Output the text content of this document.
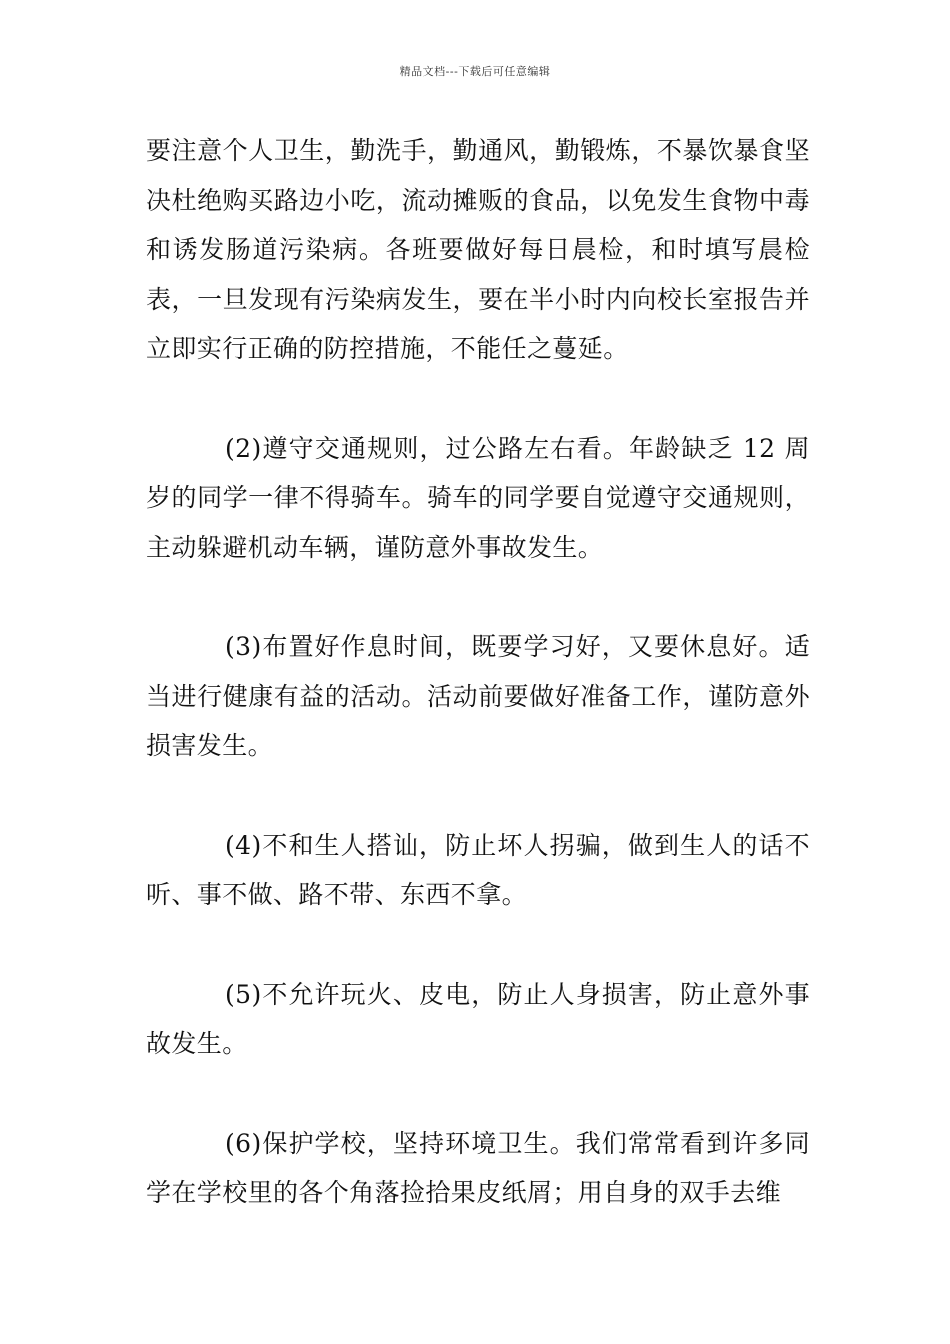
精品文档---下载后可任意编辑

要注意个人卫生，勤洗手，勤通风，勤锻炼，不暴饮暴食坚决杜绝购买路边小吃，流动摊贩的食品，以免发生食物中毒和诱发肠道污染病。各班要做好每日晨检，和时填写晨检表，一旦发现有污染病发生，要在半小时内向校长室报告并立即实行正确的防控措施，不能任之蔓延。

(2)遵守交通规则，过公路左右看。年龄缺乏 12 周岁的同学一律不得骑车。骑车的同学要自觉遵守交通规则，主动躲避机动车辆，谨防意外事故发生。

(3)布置好作息时间，既要学习好，又要休息好。适当进行健康有益的活动。活动前要做好准备工作，谨防意外损害发生。

(4)不和生人搭讪，防止坏人拐骗，做到生人的话不听、事不做、路不带、东西不拿。

(5)不允许玩火、皮电，防止人身损害，防止意外事故发生。

(6)保护学校，坚持环境卫生。我们常常看到许多同学在学校里的各个角落捡拾果皮纸屑；用自身的双手去维
